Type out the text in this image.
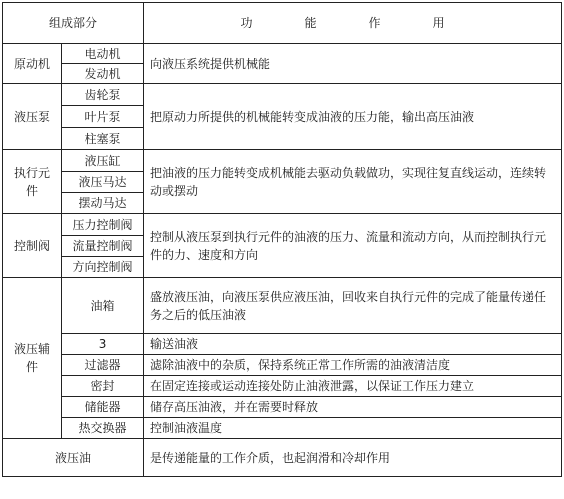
组成部分		功　能　作　用
原动机	电动机	向液压系统提供机械能
	发动机	
液压泵	齿轮泵	把原动力所提供的机械能转变成油液的压力能，输出高压油液
	叶片泵	
	柱塞泵	
执行元件	液压缸	把油液的压力能转变成机械能去驱动负载做功，实现往复直线运动，连续转动或摆动
	液压马达	
	摆动马达	
控制阀	压力控制阀	控制从液压泵到执行元件的油液的压力、流量和流动方向，从而控制执行元件的力、速度和方向
	流量控制阀	
	方向控制阀	
液压辅件	油箱	盛放液压油，向液压泵供应液压油，回收来自执行元件的完成了能量传递任务之后的低压油液
	3	输送油液
	过滤器	滤除油液中的杂质，保持系统正常工作所需的油液清洁度
	密封	在固定连接或运动连接处防止油液泄露，以保证工作压力建立
	储能器	储存高压油液，并在需要时释放
	热交换器	控制油液温度
液压油		是传递能量的工作介质，也起润滑和冷却作用
